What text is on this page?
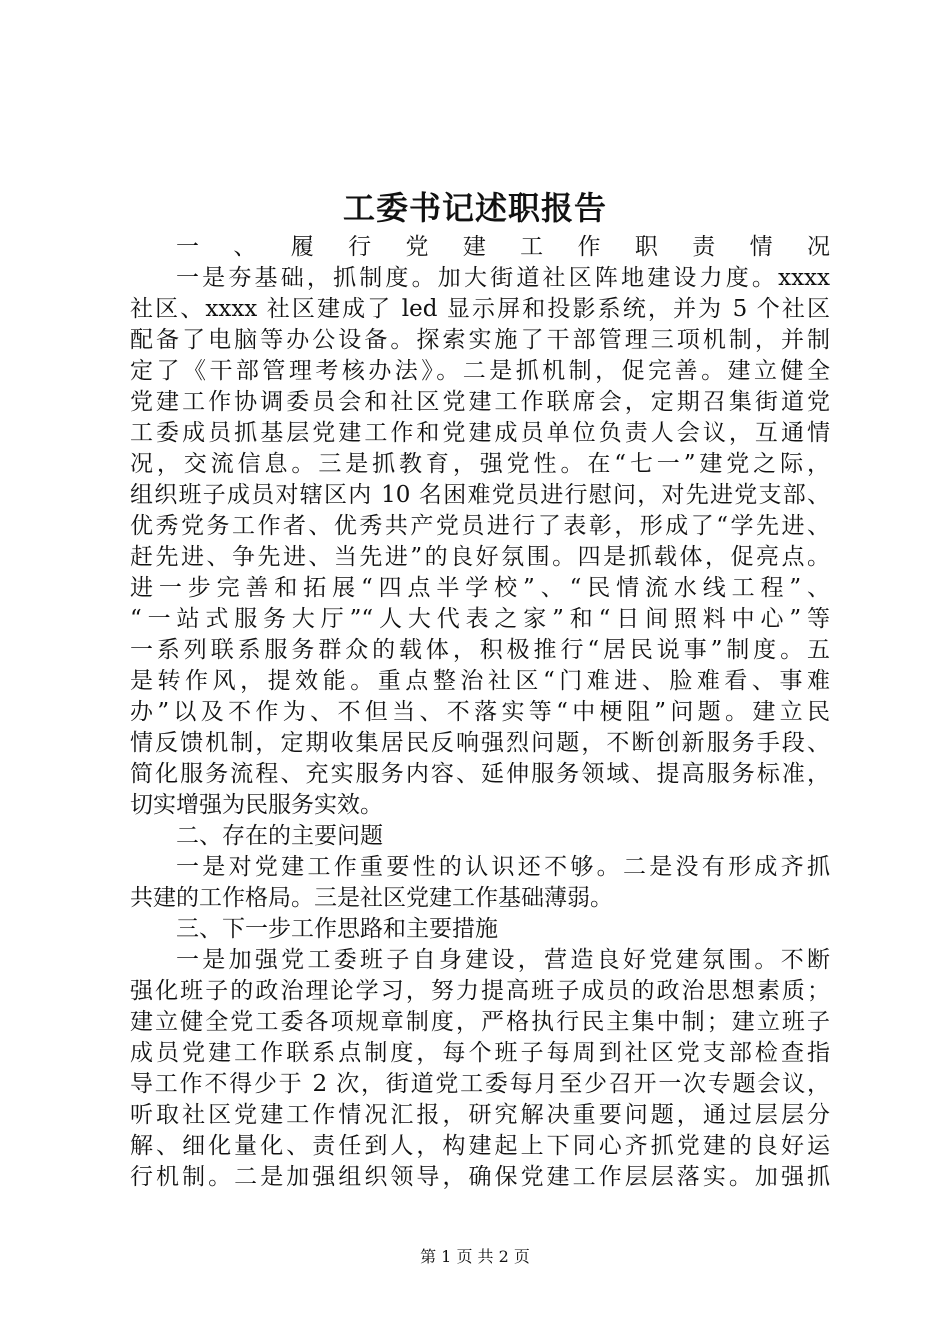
工委书记述职报告
一、履行党建工作职责情况
一是夯基础，抓制度。加大街道社区阵地建设力度。xxxx
社区、xxxx 社区建成了 led 显示屏和投影系统，并为 5 个社区
配备了电脑等办公设备。探索实施了干部管理三项机制，并制
定了《干部管理考核办法》。二是抓机制，促完善。建立健全
党建工作协调委员会和社区党建工作联席会，定期召集街道党
工委成员抓基层党建工作和党建成员单位负责人会议，互通情
况，交流信息。三是抓教育，强党性。在“七一”建党之际，
组织班子成员对辖区内 10 名困难党员进行慰问，对先进党支部、
优秀党务工作者、优秀共产党员进行了表彰，形成了“学先进、
赶先进、争先进、当先进”的良好氛围。四是抓载体，促亮点。
进一步完善和拓展“四点半学校”、“民情流水线工程”、
“一站式服务大厅”“人大代表之家”和“日间照料中心”等
一系列联系服务群众的载体，积极推行“居民说事”制度。五
是转作风，提效能。重点整治社区“门难进、脸难看、事难
办”以及不作为、不但当、不落实等“中梗阻”问题。建立民
情反馈机制，定期收集居民反响强烈问题，不断创新服务手段、
简化服务流程、充实服务内容、延伸服务领域、提高服务标准，
切实增强为民服务实效。
二、存在的主要问题
一是对党建工作重要性的认识还不够。二是没有形成齐抓
共建的工作格局。三是社区党建工作基础薄弱。
三、下一步工作思路和主要措施
一是加强党工委班子自身建设，营造良好党建氛围。不断
强化班子的政治理论学习，努力提高班子成员的政治思想素质；
建立健全党工委各项规章制度，严格执行民主集中制；建立班子
成员党建工作联系点制度，每个班子每周到社区党支部检查指
导工作不得少于 2 次，街道党工委每月至少召开一次专题会议，
听取社区党建工作情况汇报，研究解决重要问题，通过层层分
解、细化量化、责任到人，构建起上下同心齐抓党建的良好运
行机制。二是加强组织领导，确保党建工作层层落实。加强抓
第 1 页 共 2 页
